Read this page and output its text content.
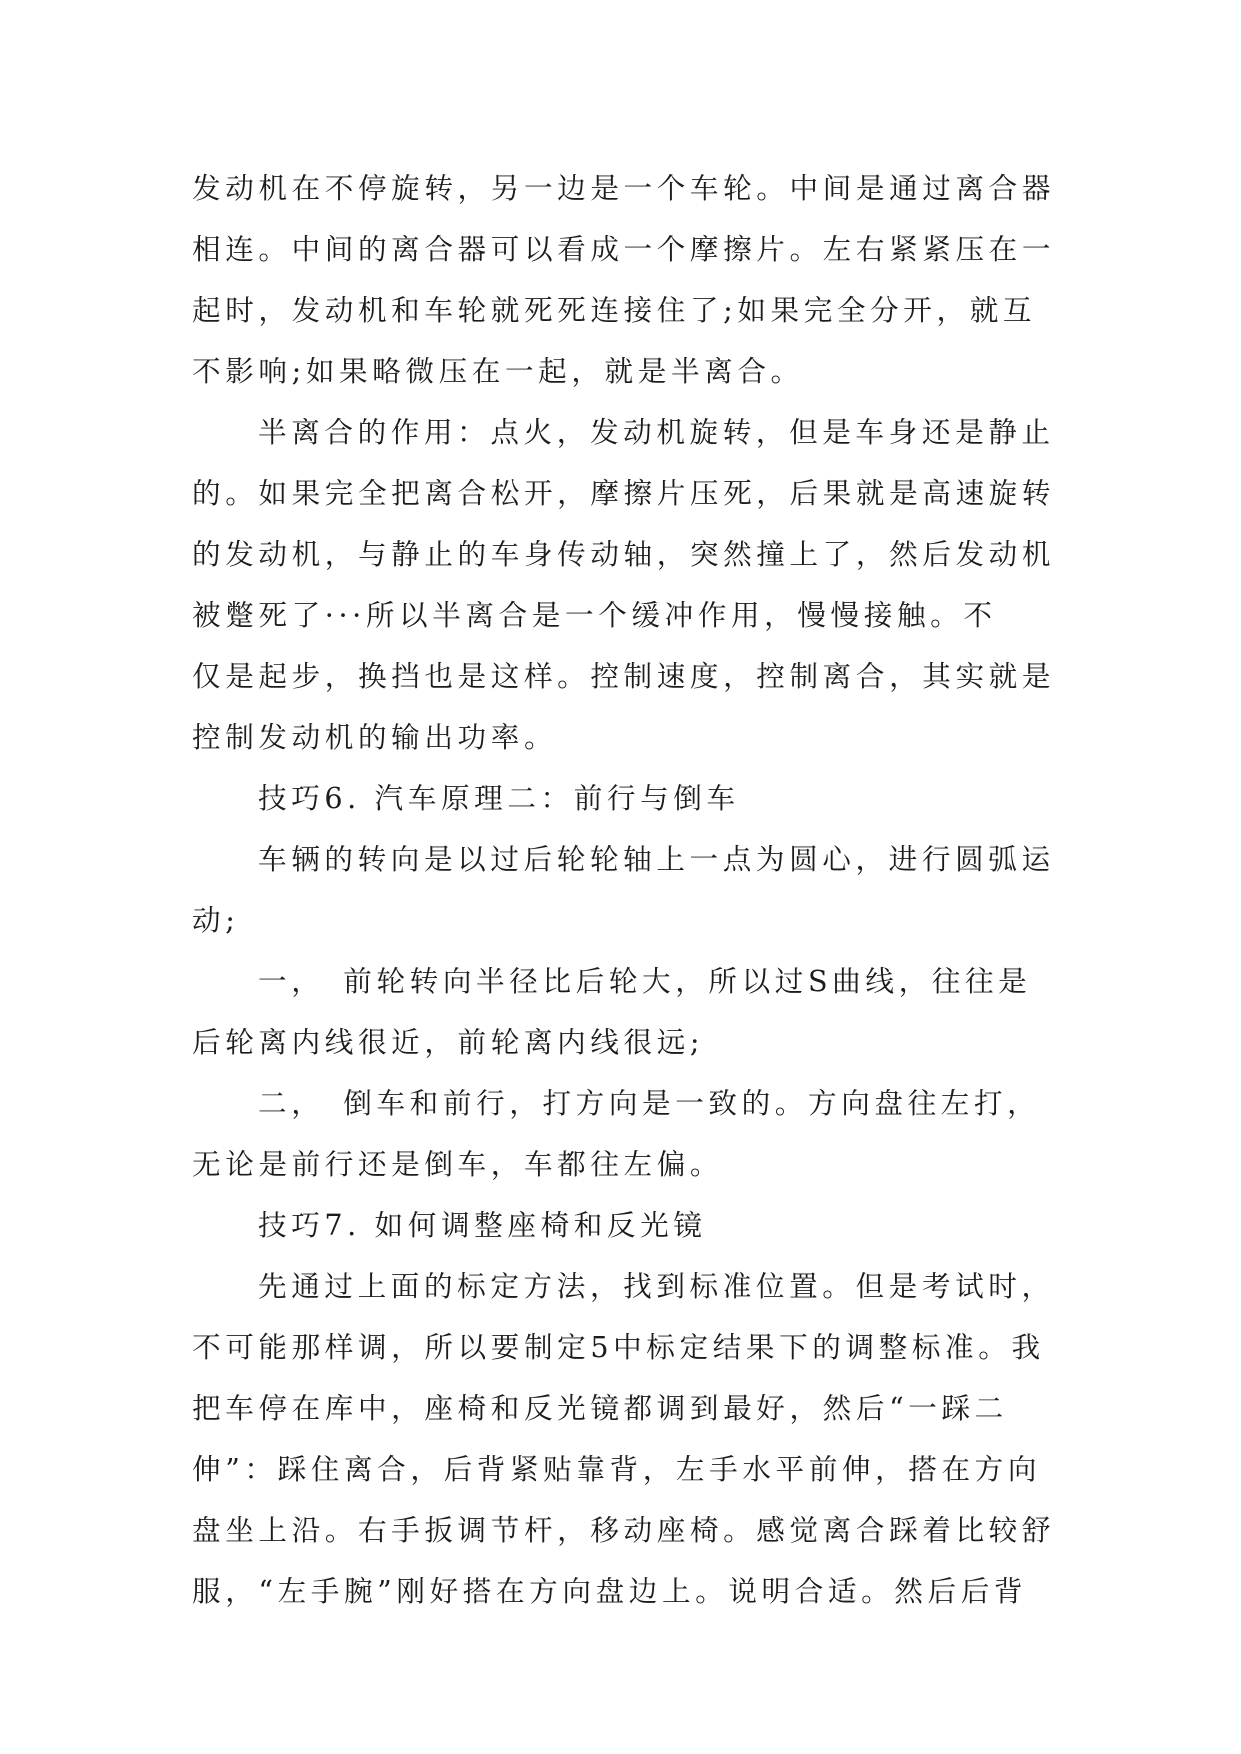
发动机在不停旋转，另一边是一个车轮。中间是通过离合器
相连。中间的离合器可以看成一个摩擦片。左右紧紧压在一
起时，发动机和车轮就死死连接住了;如果完全分开，就互
不影响;如果略微压在一起，就是半离合。
半离合的作用：点火，发动机旋转，但是车身还是静止
的。如果完全把离合松开，摩擦片压死，后果就是高速旋转
的发动机，与静止的车身传动轴，突然撞上了，然后发动机
被蹩死了···所以半离合是一个缓冲作用，慢慢接触。不
仅是起步，换挡也是这样。控制速度，控制离合，其实就是
控制发动机的输出功率。
技巧6. 汽车原理二：前行与倒车
车辆的转向是以过后轮轮轴上一点为圆心，进行圆弧运
动;
一，　前轮转向半径比后轮大，所以过S曲线，往往是
后轮离内线很近，前轮离内线很远;
二，　倒车和前行，打方向是一致的。方向盘往左打，
无论是前行还是倒车，车都往左偏。
技巧7. 如何调整座椅和反光镜
先通过上面的标定方法，找到标准位置。但是考试时，
不可能那样调，所以要制定5中标定结果下的调整标准。我
把车停在库中，座椅和反光镜都调到最好，然后“一踩二
伸”：踩住离合，后背紧贴靠背，左手水平前伸，搭在方向
盘坐上沿。右手扳调节杆，移动座椅。感觉离合踩着比较舒
服，“左手腕”刚好搭在方向盘边上。说明合适。然后后背
